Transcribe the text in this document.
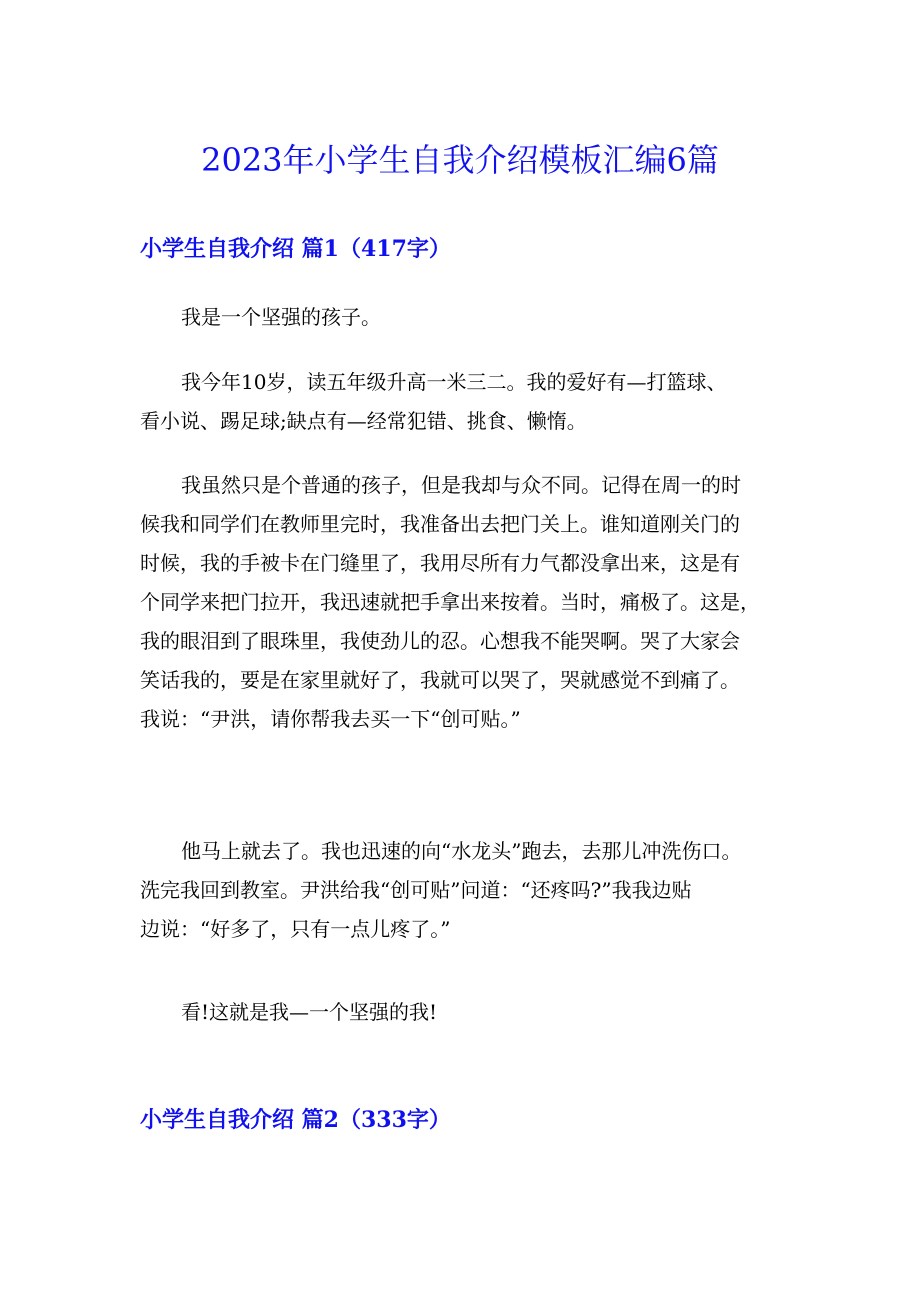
2023年小学生自我介绍模板汇编6篇
小学生自我介绍 篇1（417字）

我是一个坚强的孩子。

我今年10岁，读五年级升高一米三二。我的爱好有—打篮球、
看小说、踢足球;缺点有—经常犯错、挑食、懒惰。

我虽然只是个普通的孩子，但是我却与众不同。记得在周一的时
候我和同学们在教师里完时，我准备出去把门关上。谁知道刚关门的
时候，我的手被卡在门缝里了，我用尽所有力气都没拿出来，这是有
个同学来把门拉开，我迅速就把手拿出来按着。当时，痛极了。这是，
我的眼泪到了眼珠里，我使劲儿的忍。心想我不能哭啊。哭了大家会
笑话我的，要是在家里就好了，我就可以哭了，哭就感觉不到痛了。
我说：“尹洪，请你帮我去买一下“创可贴。”

他马上就去了。我也迅速的向“水龙头”跑去，去那儿冲洗伤口。
洗完我回到教室。尹洪给我“创可贴”问道：“还疼吗?”我我边贴
边说：“好多了，只有一点儿疼了。”

看!这就是我—一个坚强的我!

小学生自我介绍 篇2（333字）
